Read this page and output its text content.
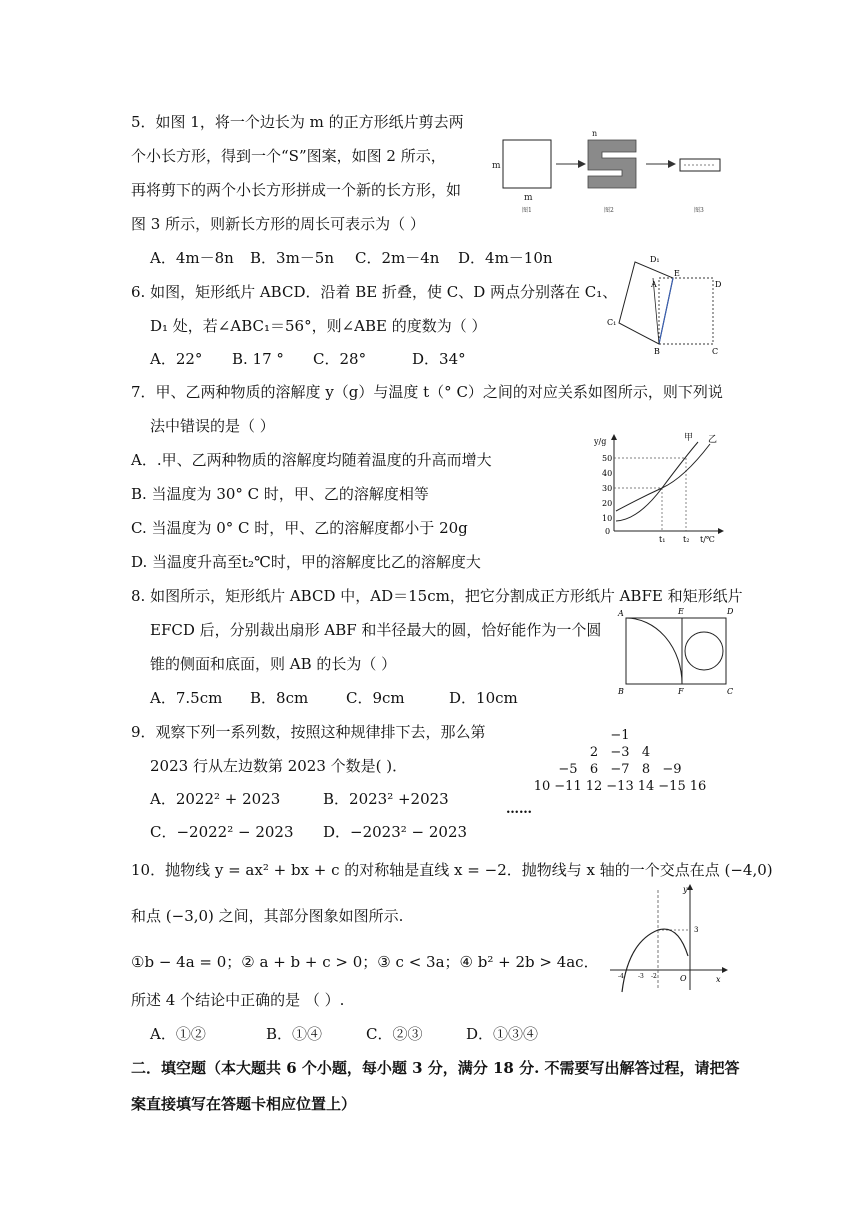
5．如图 1，将一个边长为 m 的正方形纸片剪去两
个小长方形，得到一个“S”图案，如图 2 所示，
再将剪下的两个小长方形拼成一个新的长方形，如
图 3 所示，则新长方形的周长可表示为（ ）
A．4m－8n B．3m－5n C．2m－4n D．4m－10n
m
m
图1
n
图2	图3
6. 如图，矩形纸片 ABCD．沿着 BE 折叠，使 C、D 两点分别落在 C₁、
D₁ 处，若∠ABC₁＝56°，则∠ABE 的度数为（ ）
A．22° B. 17 ° C．28°	D．34°
D₁
E
A	D
C₁
B	C
7．甲、乙两种物质的溶解度 y（g）与温度 t（° C）之间的对应关系如图所示，则下列说
法中错误的是（ ）
A．.甲、乙两种物质的溶解度均随着温度的升高而增大
B. 当温度为 30° C 时，甲、乙的溶解度相等
C. 当温度为 0° C 时，甲、乙的溶解度都小于 20g
D. 当温度升高至t₂℃时，甲的溶解度比乙的溶解度大
y/g
t/℃
50
40
30
20
10
0
t₁ t₂
甲 乙
8. 如图所示，矩形纸片 ABCD 中，AD＝15cm，把它分割成正方形纸片 ABFE 和矩形纸片
EFCD 后，分别裁出扇形 ABF 和半径最大的圆，恰好能作为一个圆
锥的侧面和底面，则 AB 的长为（ ）
A．7.5cm B．8cm	C．9cm	D．10cm
A	E	D
B	F	C
9．观察下列一系列数，按照这种规律排下去，那么第
2023 行从左边数第 2023 个数是( )．
A．2022² + 2023	B．2023² +2023
C．−2022² − 2023 D．−2023² − 2023
−1
2 −3 4
−5 6 −7 8 −9
10 −11 12 −13 14 −15 16
……
10．抛物线 y = ax² + bx + c 的对称轴是直线 x = −2．抛物线与 x 轴的一个交点在点 (−4,0)
和点 (−3,0) 之间，其部分图象如图所示.
①b − 4a = 0；② a + b + c > 0；③ c < 3a；④ b² + 2b > 4ac．
所述 4 个结论中正确的是 （ ）.
A．①②	B．①④	C．②③	D．①③④
y
3
O	x
-4 -3 -2
二．填空题（本大题共 6 个小题，每小题 3 分，满分 18 分. 不需要写出解答过程，请把答
案直接填写在答题卡相应位置上）
